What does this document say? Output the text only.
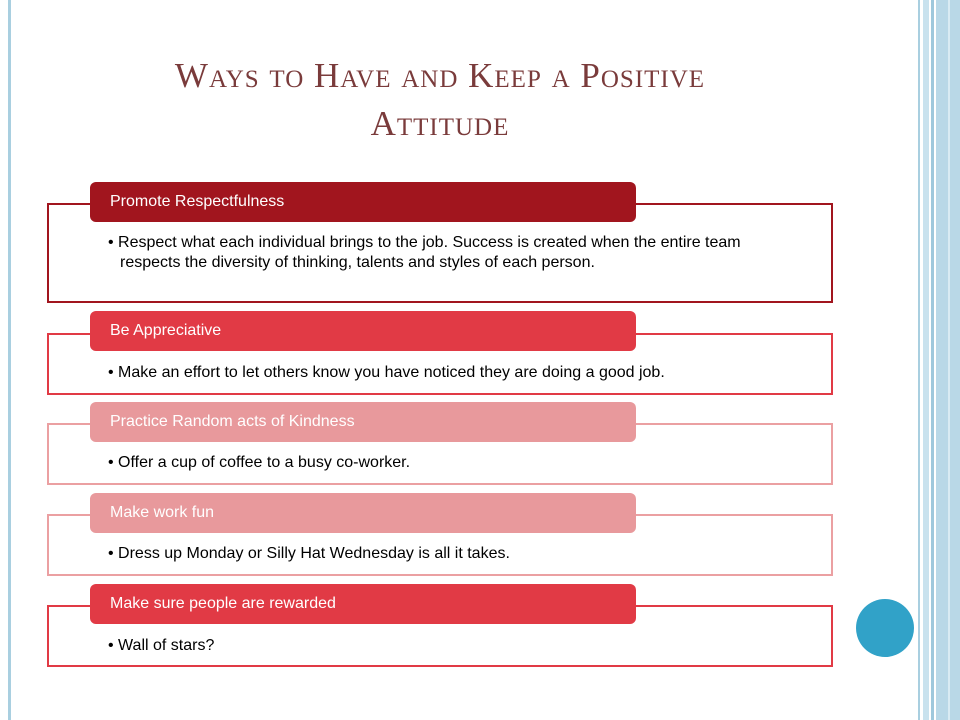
Ways to Have and Keep a Positive
Attitude
Promote Respectfulness
• Respect what each individual brings to the job. Success is created when the entire team respects the diversity of thinking, talents and styles of each person.
Be Appreciative
• Make an effort to let others know you have noticed they are doing a good job.
Practice Random acts of Kindness
• Offer a cup of coffee to a busy co-worker.
Make work fun
• Dress up Monday or Silly Hat Wednesday is all it takes.
Make sure people are rewarded
• Wall of stars?
